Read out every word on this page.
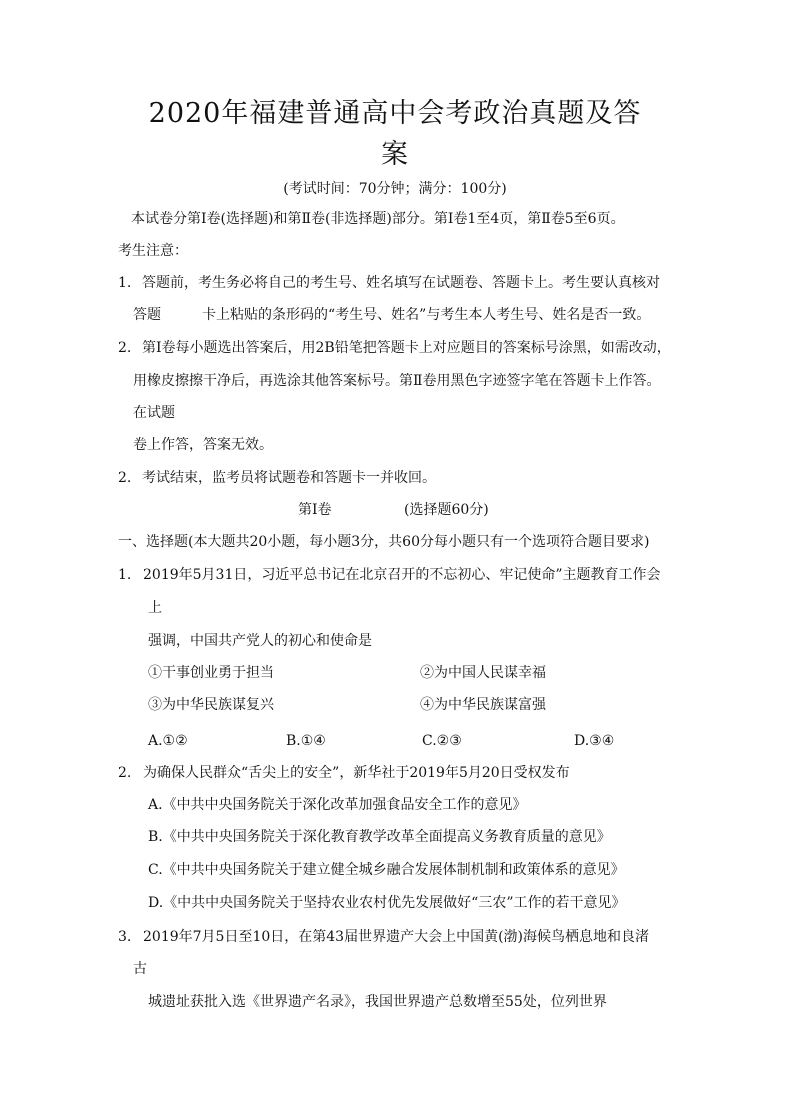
2020年福建普通高中会考政治真题及答
案
(考试时间：70分钟；满分：100分)
本试卷分第Ⅰ卷(选择题)和第Ⅱ卷(非选择题)部分。第Ⅰ卷1至4页，第Ⅱ卷5至6页。
考生注意：
1. 答题前，考生务必将自己的考生号、姓名填写在试题卷、答题卡上。考生要认真核对
答题	卡上粘贴的条形码的“考生号、姓名”与考生本人考生号、姓名是否一致。
2. 第Ⅰ卷每小题选出答案后，用2B铅笔把答题卡上对应题目的答案标号涂黑，如需改动，
用橡皮擦擦干净后，再选涂其他答案标号。第Ⅱ卷用黑色字迹签字笔在答题卡上作答。
在试题
卷上作答，答案无效。
2. 考试结束，监考员将试题卷和答题卡一并收回。
第Ⅰ卷	(选择题60分)
一、选择题(本大题共20小题，每小题3分，共60分每小题只有一个选项符合题目要求)
1. 2019年5月31日，习近平总书记在北京召开的不忘初心、牢记使命”主题教育工作会
上
强调，中国共产党人的初心和使命是
①干事创业勇于担当	②为中国人民谋幸福
③为中华民族谋复兴	④为中华民族谋富强
A.①②	B.①④	C.②③	D.③④
2. 为确保人民群众“舌尖上的安全”，新华社于2019年5月20日受权发布
A.《中共中央国务院关于深化改革加强食品安全工作的意见》
B.《中共中央国务院关于深化教育教学改革全面提高义务教育质量的意见》
C.《中共中央国务院关于建立健全城乡融合发展体制机制和政策体系的意见》
D.《中共中央国务院关于坚持农业农村优先发展做好“三农”工作的若干意见》
3. 2019年7月5日至10日，在第43届世界遗产大会上中国黄(渤)海候鸟栖息地和良渚
古
城遗址获批入选《世界遗产名录》，我国世界遗产总数增至55处，位列世界
